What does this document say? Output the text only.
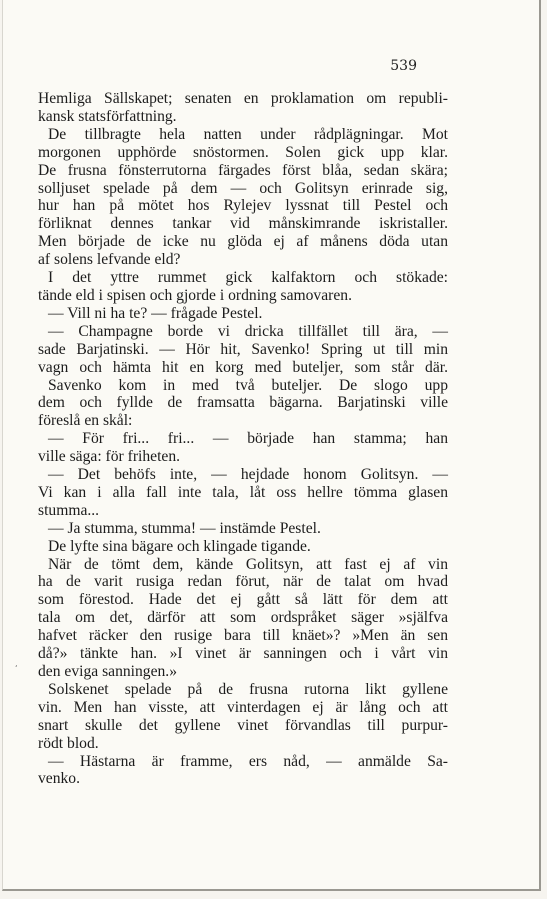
539
‘
Hemliga Sällskapet; senaten en proklamation om republi-
kansk statsförfattning.
De tillbragte hela natten under rådplägningar. Mot
morgonen upphörde snöstormen. Solen gick upp klar.
De frusna fönsterrutorna färgades först blåa, sedan skära;
solljuset spelade på dem — och Golitsyn erinrade sig,
hur han på mötet hos Rylejev lyssnat till Pestel och
förliknat dennes tankar vid månskimrande iskristaller.
Men började de icke nu glöda ej af månens döda utan
af solens lefvande eld?
I det yttre rummet gick kalfaktorn och stökade:
tände eld i spisen och gjorde i ordning samovaren.
— Vill ni ha te? — frågade Pestel.
— Champagne borde vi dricka tillfället till ära, —
sade Barjatinski. — Hör hit, Savenko! Spring ut till min
vagn och hämta hit en korg med buteljer, som står där.
Savenko kom in med två buteljer. De slogo upp
dem och fyllde de framsatta bägarna. Barjatinski ville
föreslå en skål:
— För fri... fri... — började han stamma; han
ville säga: för friheten.
— Det behöfs inte, — hejdade honom Golitsyn. —
Vi kan i alla fall inte tala, låt oss hellre tömma glasen
stumma...
— Ja stumma, stumma! — instämde Pestel.
De lyfte sina bägare och klingade tigande.
När de tömt dem, kände Golitsyn, att fast ej af vin
ha de varit rusiga redan förut, när de talat om hvad
som förestod. Hade det ej gått så lätt för dem att
tala om det, därför att som ordspråket säger »själfva
hafvet räcker den rusige bara till knäet»? »Men än sen
då?» tänkte han. »I vinet är sanningen och i vårt vin
den eviga sanningen.»
Solskenet spelade på de frusna rutorna likt gyllene
vin. Men han visste, att vinterdagen ej är lång och att
snart skulle det gyllene vinet förvandlas till purpur-
rödt blod.
— Hästarna är framme, ers nåd, — anmälde Sa-
venko.
